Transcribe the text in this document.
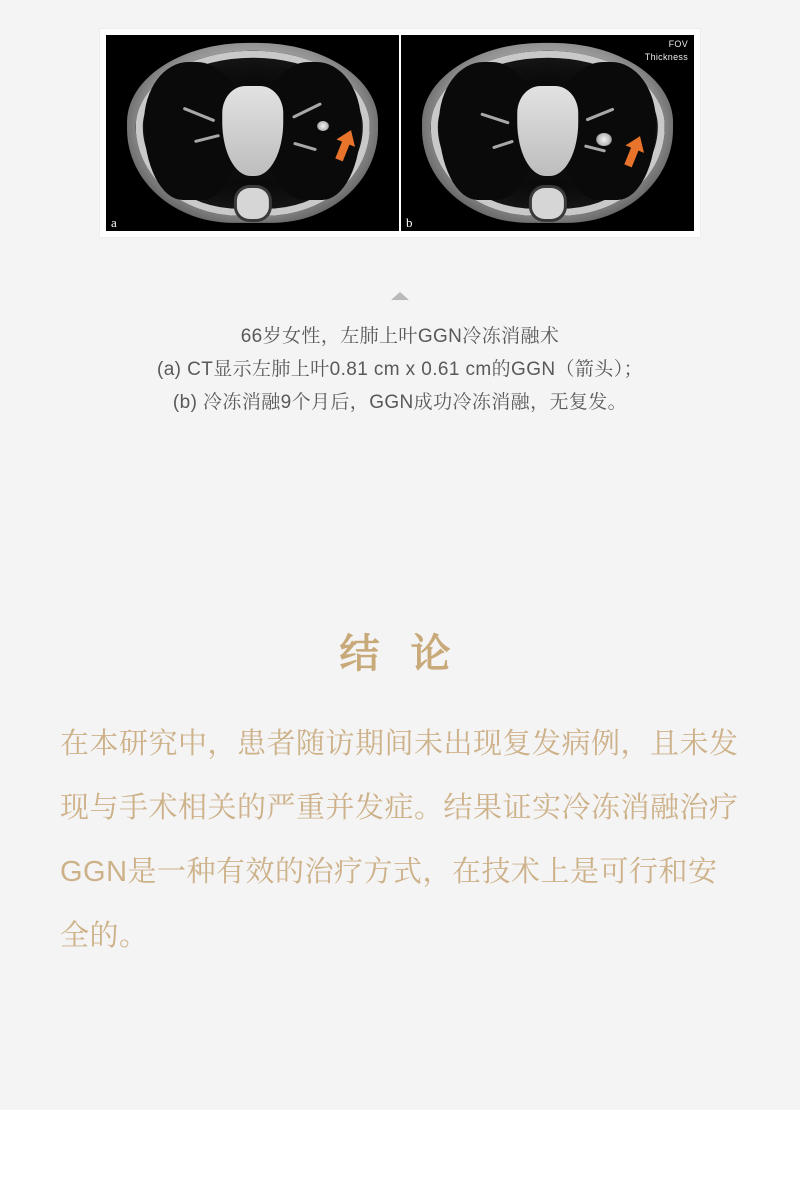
a
FOV
Thickness
b
66岁女性，左肺上叶GGN冷冻消融术
(a) CT显示左肺上叶0.81 cm x 0.61 cm的GGN（箭头）；
(b) 冷冻消融9个月后，GGN成功冷冻消融，无复发。
结 论
在本研究中，患者随访期间未出现复发病例，且未发现与手术相关的严重并发症。结果证实冷冻消融治疗GGN是一种有效的治疗方式，在技术上是可行和安全的。
